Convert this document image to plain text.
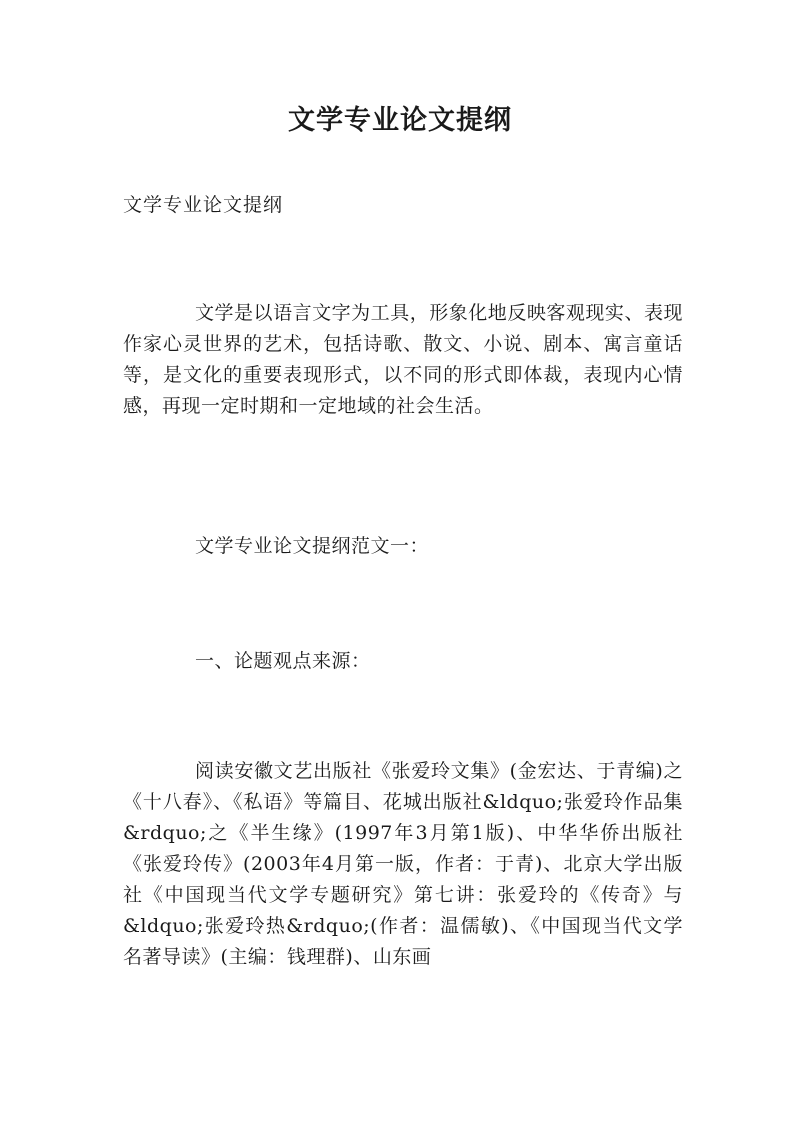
文学专业论文提纲

文学专业论文提纲

文学是以语言文字为工具，形象化地反映客观现实、表现作家心灵世界的艺术，包括诗歌、散文、小说、剧本、寓言童话等，是文化的重要表现形式，以不同的形式即体裁，表现内心情感，再现一定时期和一定地域的社会生活。

文学专业论文提纲范文一：

一、论题观点来源：

阅读安徽文艺出版社《张爱玲文集》(金宏达、于青编)之《十八春》、《私语》等篇目、花城出版社&ldquo;张爱玲作品集&rdquo;之《半生缘》(1997年3月第1版)、中华华侨出版社《张爱玲传》(2003年4月第一版，作者：于青)、北京大学出版社《中国现当代文学专题研究》第七讲：张爱玲的《传奇》与&ldquo;张爱玲热&rdquo;(作者：温儒敏)、《中国现当代文学名著导读》(主编：钱理群)、山东画
